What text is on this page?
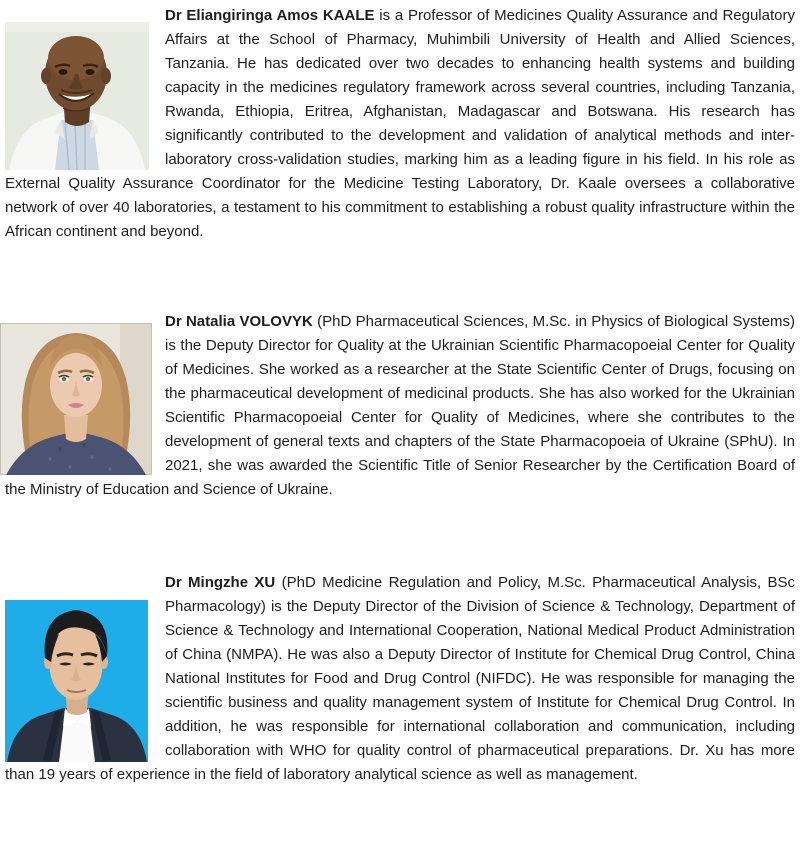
Dr Eliangiringa Amos KAALE is a Professor of Medicines Quality Assurance and Regulatory Affairs at the School of Pharmacy, Muhimbili University of Health and Allied Sciences, Tanzania. He has dedicated over two decades to enhancing health systems and building capacity in the medicines regulatory framework across several countries, including Tanzania, Rwanda, Ethiopia, Eritrea, Afghanistan, Madagascar and Botswana. His research has significantly contributed to the development and validation of analytical methods and inter-laboratory cross-validation studies, marking him as a leading figure in his field. In his role as External Quality Assurance Coordinator for the Medicine Testing Laboratory, Dr. Kaale oversees a collaborative network of over 40 laboratories, a testament to his commitment to establishing a robust quality infrastructure within the African continent and beyond.

Dr Natalia VOLOVYK (PhD Pharmaceutical Sciences, M.Sc. in Physics of Biological Systems) is the Deputy Director for Quality at the Ukrainian Scientific Pharmacopoeial Center for Quality of Medicines. She worked as a researcher at the State Scientific Center of Drugs, focusing on the pharmaceutical development of medicinal products. She has also worked for the Ukrainian Scientific Pharmacopoeial Center for Quality of Medicines, where she contributes to the development of general texts and chapters of the State Pharmacopoeia of Ukraine (SPhU). In 2021, she was awarded the Scientific Title of Senior Researcher by the Certification Board of the Ministry of Education and Science of Ukraine.

Dr Mingzhe XU (PhD Medicine Regulation and Policy, M.Sc. Pharmaceutical Analysis, BSc Pharmacology) is the Deputy Director of the Division of Science & Technology, Department of Science & Technology and International Cooperation, National Medical Product Administration of China (NMPA). He was also a Deputy Director of Institute for Chemical Drug Control, China National Institutes for Food and Drug Control (NIFDC). He was responsible for managing the scientific business and quality management system of Institute for Chemical Drug Control. In addition, he was responsible for international collaboration and communication, including collaboration with WHO for quality control of pharmaceutical preparations. Dr. Xu has more than 19 years of experience in the field of laboratory analytical science as well as management.
